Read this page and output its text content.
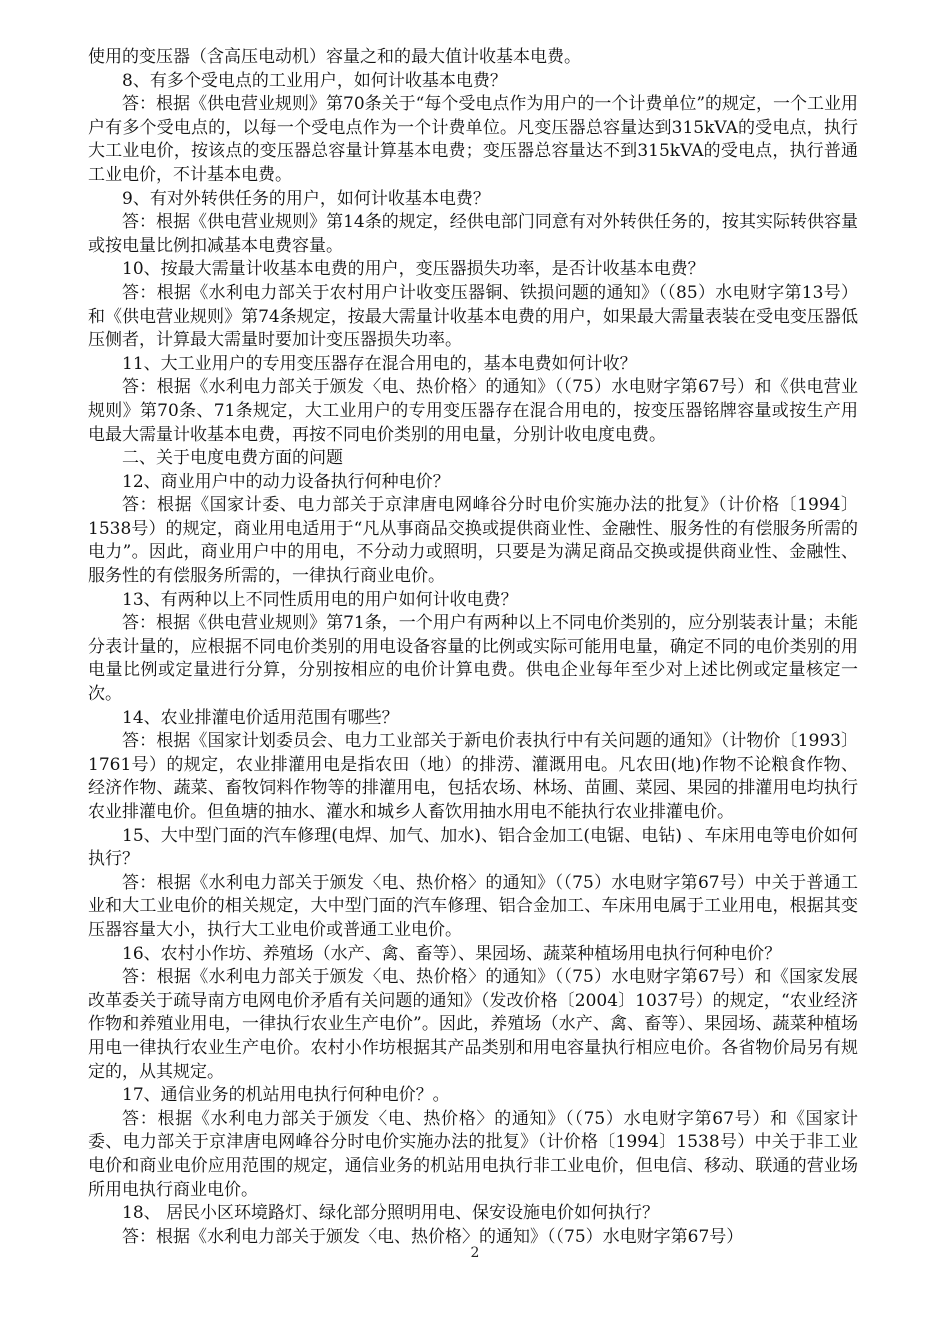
使用的变压器（含高压电动机）容量之和的最大值计收基本电费。

8、有多个受电点的工业用户，如何计收基本电费？

答：根据《供电营业规则》第70条关于“每个受电点作为用户的一个计费单位”的规定，一个工业用户有多个受电点的，以每一个受电点作为一个计费单位。凡变压器总容量达到315kVA的受电点，执行大工业电价，按该点的变压器总容量计算基本电费；变压器总容量达不到315kVA的受电点，执行普通工业电价，不计基本电费。

9、有对外转供任务的用户，如何计收基本电费？

答：根据《供电营业规则》第14条的规定，经供电部门同意有对外转供任务的，按其实际转供容量或按电量比例扣减基本电费容量。

10、按最大需量计收基本电费的用户，变压器损失功率，是否计收基本电费？

答：根据《水利电力部关于农村用户计收变压器铜、铁损问题的通知》（（85）水电财字第13号）和《供电营业规则》第74条规定，按最大需量计收基本电费的用户，如果最大需量表装在受电变压器低压侧者，计算最大需量时要加计变压器损失功率。

11、大工业用户的专用变压器存在混合用电的，基本电费如何计收？

答：根据《水利电力部关于颁发〈电、热价格〉的通知》（（75）水电财字第67号）和《供电营业规则》第70条、71条规定，大工业用户的专用变压器存在混合用电的，按变压器铭牌容量或按生产用电最大需量计收基本电费，再按不同电价类别的用电量，分别计收电度电费。

二、关于电度电费方面的问题

12、商业用户中的动力设备执行何种电价？

答：根据《国家计委、电力部关于京津唐电网峰谷分时电价实施办法的批复》（计价格〔1994〕1538号）的规定，商业用电适用于“凡从事商品交换或提供商业性、金融性、服务性的有偿服务所需的电力”。因此，商业用户中的用电，不分动力或照明，只要是为满足商品交换或提供商业性、金融性、服务性的有偿服务所需的，一律执行商业电价。

13、有两种以上不同性质用电的用户如何计收电费？

答：根据《供电营业规则》第71条，一个用户有两种以上不同电价类别的，应分别装表计量；未能分表计量的，应根据不同电价类别的用电设备容量的比例或实际可能用电量，确定不同的电价类别的用电量比例或定量进行分算，分别按相应的电价计算电费。供电企业每年至少对上述比例或定量核定一次。

14、农业排灌电价适用范围有哪些？

答：根据《国家计划委员会、电力工业部关于新电价表执行中有关问题的通知》（计物价〔1993〕1761号）的规定，农业排灌用电是指农田（地）的排涝、灌溉用电。凡农田(地)作物不论粮食作物、经济作物、蔬菜、畜牧饲料作物等的排灌用电，包括农场、林场、苗圃、菜园、果园的排灌用电均执行农业排灌电价。但鱼塘的抽水、灌水和城乡人畜饮用抽水用电不能执行农业排灌电价。

15、大中型门面的汽车修理(电焊、加气、加水)、铝合金加工(电锯、电钻) 、车床用电等电价如何执行？

答：根据《水利电力部关于颁发〈电、热价格〉的通知》（（75）水电财字第67号）中关于普通工业和大工业电价的相关规定，大中型门面的汽车修理、铝合金加工、车床用电属于工业用电，根据其变压器容量大小，执行大工业电价或普通工业电价。

16、农村小作坊、养殖场（水产、禽、畜等）、果园场、蔬菜种植场用电执行何种电价？

答：根据《水利电力部关于颁发〈电、热价格〉的通知》（（75）水电财字第67号）和《国家发展改革委关于疏导南方电网电价矛盾有关问题的通知》（发改价格〔2004〕1037号）的规定，“农业经济作物和养殖业用电，一律执行农业生产电价”。因此，养殖场（水产、禽、畜等）、果园场、蔬菜种植场用电一律执行农业生产电价。农村小作坊根据其产品类别和用电容量执行相应电价。各省物价局另有规定的，从其规定。

17、通信业务的机站用电执行何种电价？。

答：根据《水利电力部关于颁发〈电、热价格〉的通知》（（75）水电财字第67号）和《国家计委、电力部关于京津唐电网峰谷分时电价实施办法的批复》（计价格〔1994〕1538号）中关于非工业电价和商业电价应用范围的规定，通信业务的机站用电执行非工业电价，但电信、移动、联通的营业场所用电执行商业电价。

18、 居民小区环境路灯、绿化部分照明用电、保安设施电价如何执行？

答：根据《水利电力部关于颁发〈电、热价格〉的通知》（（75）水电财字第67号）

2
